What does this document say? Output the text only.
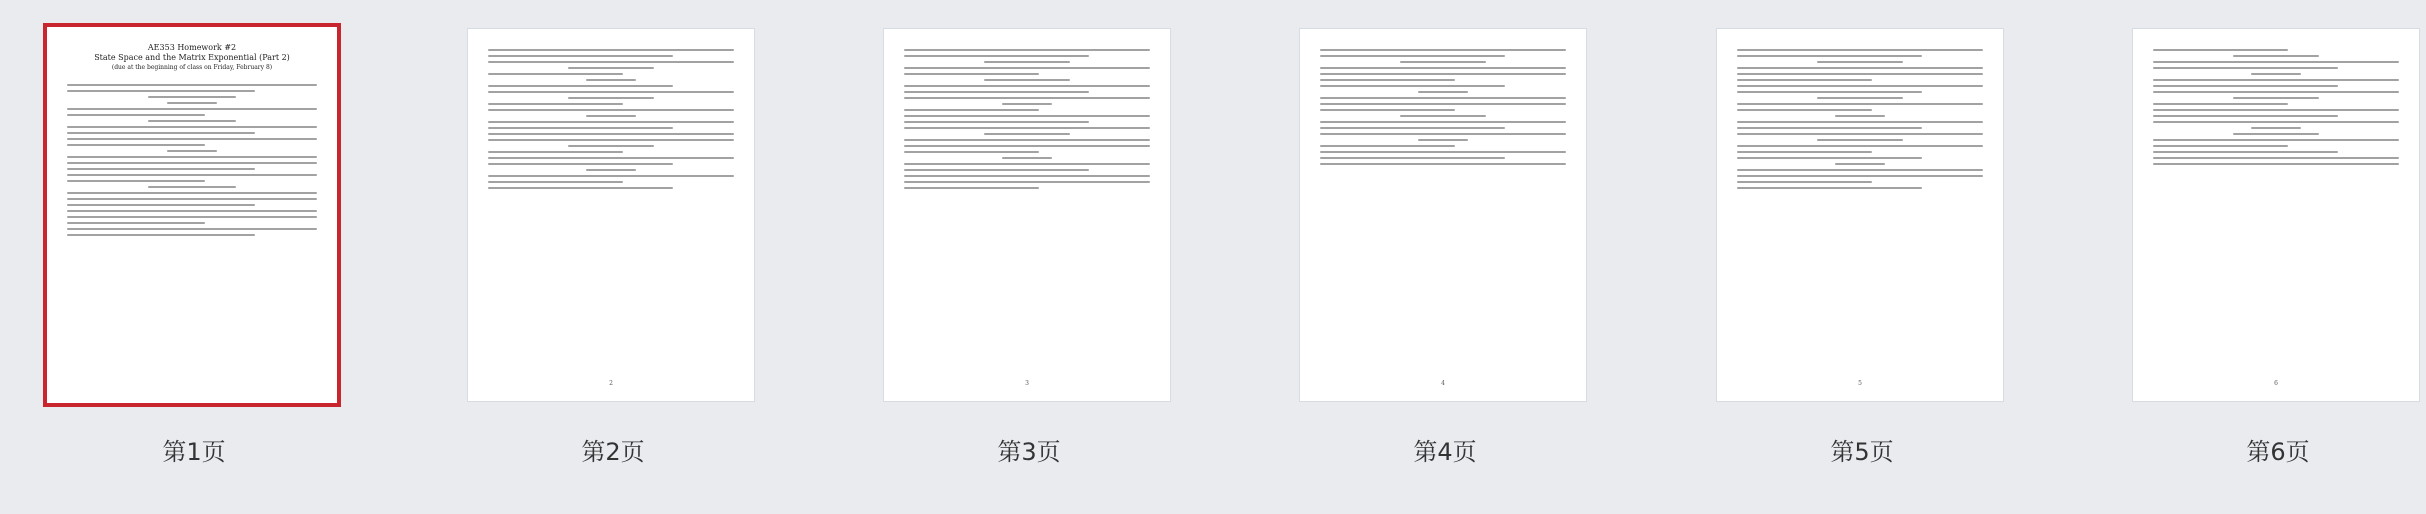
AE353 Homework #2
State Space and the Matrix Exponential (Part 2)
(due at the beginning of class on Friday, February 8)
第1页
2
第2页
3
第3页
4
第4页
5
第5页
6
第6页
